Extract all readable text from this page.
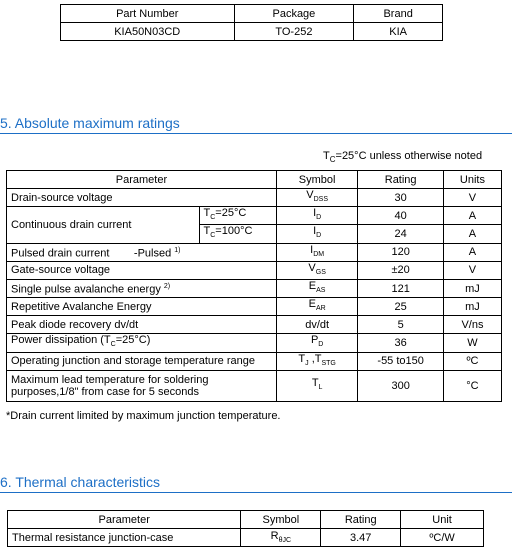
Part Number	Package	Brand
KIA50N03CD	TO-252	KIA
5. Absolute maximum ratings
$T_C=25^\circ C$ unless otherwise noted
Parameter		Symbol	Rating	Units
Drain-source voltage		$V_{DSS}$	30	V
Continuous drain current	$T_C=25^\circ C$	$I_D$	40	A
	$T_C=100^\circ C$	$I_D$	24	A
Pulsed drain current -Pulsed $^{1)}$		$I_{DM}$	120	A
Gate-source voltage		$V_{GS}$	±20	V
Single pulse avalanche energy $^{2)}$		$E_{AS}$	121	mJ
Repetitive Avalanche Energy		$E_{AR}$	25	mJ
Peak diode recovery dv/dt		dv/dt	5	V/ns
Power dissipation $(T_C=25^\circ C)$		$P_D$	36	W
Operating junction and storage temperature range		$T_J$ $,T_{STG}$	-55 to150	ºC
Maximum lead temperature for soldering
purposes,1/8" from case for 5 seconds		$T_L$	300	°C
*Drain current limited by maximum junction temperature.
6. Thermal characteristics
Parameter	Symbol	Rating	Unit
Thermal resistance junction-case	$R_{\theta JC}$	3.47	ºC/W
